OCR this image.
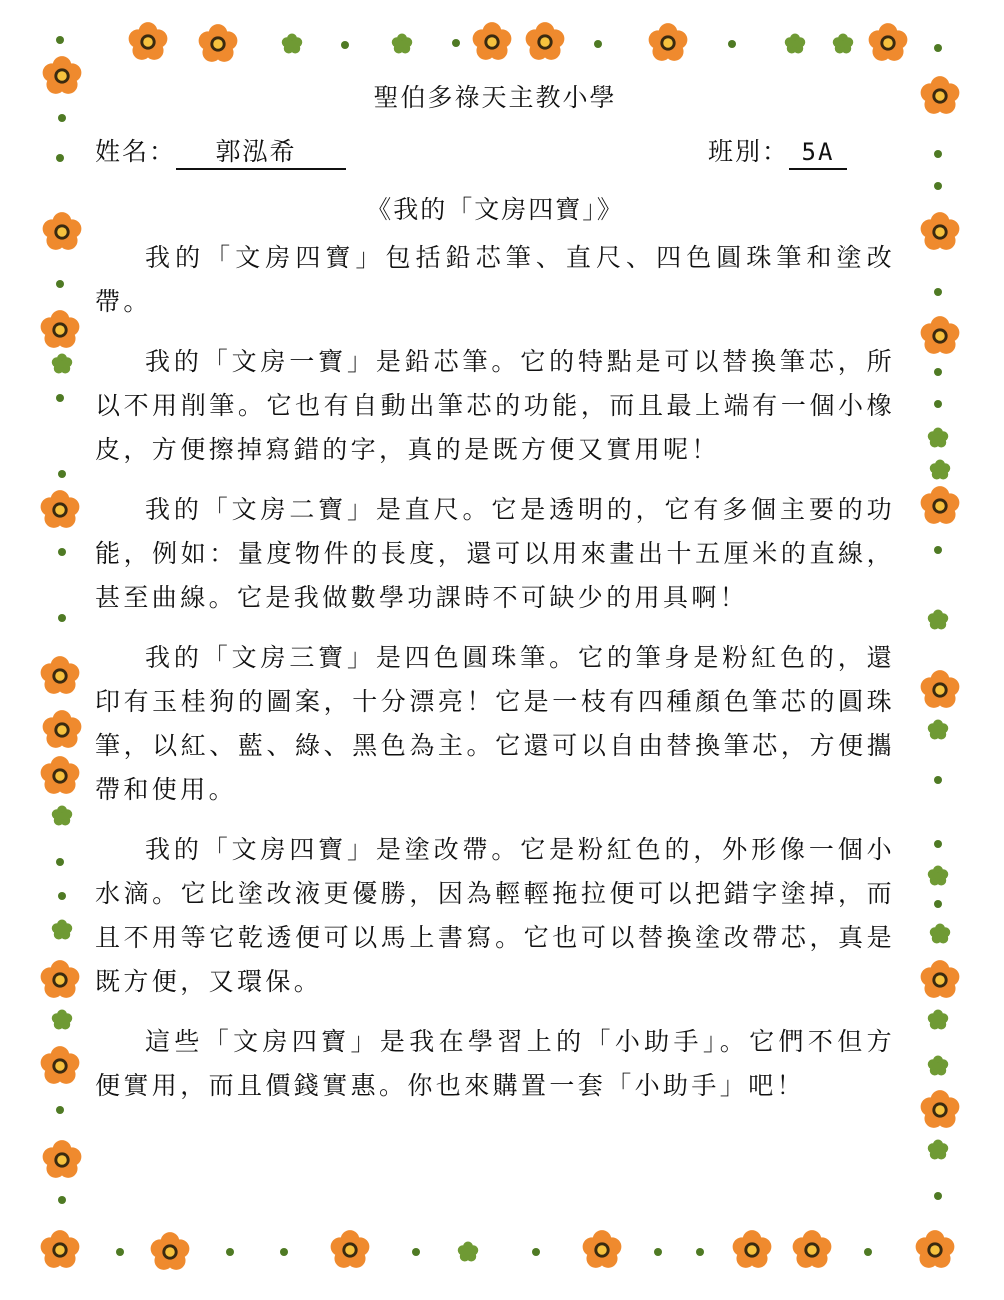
聖伯多祿天主教小學
姓名： 郭泓希	班別： 5A
《我的「文房四寶」》

我的「文房四寶」包括鉛芯筆、直尺、四色圓珠筆和塗改帶。

我的「文房一寶」是鉛芯筆。它的特點是可以替換筆芯，所以不用削筆。它也有自動出筆芯的功能，而且最上端有一個小橡皮，方便擦掉寫錯的字，真的是既方便又實用呢！

我的「文房二寶」是直尺。它是透明的，它有多個主要的功能，例如：量度物件的長度，還可以用來畫出十五厘米的直線，甚至曲線。它是我做數學功課時不可缺少的用具啊！

我的「文房三寶」是四色圓珠筆。它的筆身是粉紅色的，還印有玉桂狗的圖案，十分漂亮！它是一枝有四種顏色筆芯的圓珠筆，以紅、藍、綠、黑色為主。它還可以自由替換筆芯，方便攜帶和使用。

我的「文房四寶」是塗改帶。它是粉紅色的，外形像一個小水滴。它比塗改液更優勝，因為輕輕拖拉便可以把錯字塗掉，而且不用等它乾透便可以馬上書寫。它也可以替換塗改帶芯，真是既方便，又環保。

這些「文房四寶」是我在學習上的「小助手」。它們不但方便實用，而且價錢實惠。你也來購置一套「小助手」吧！
